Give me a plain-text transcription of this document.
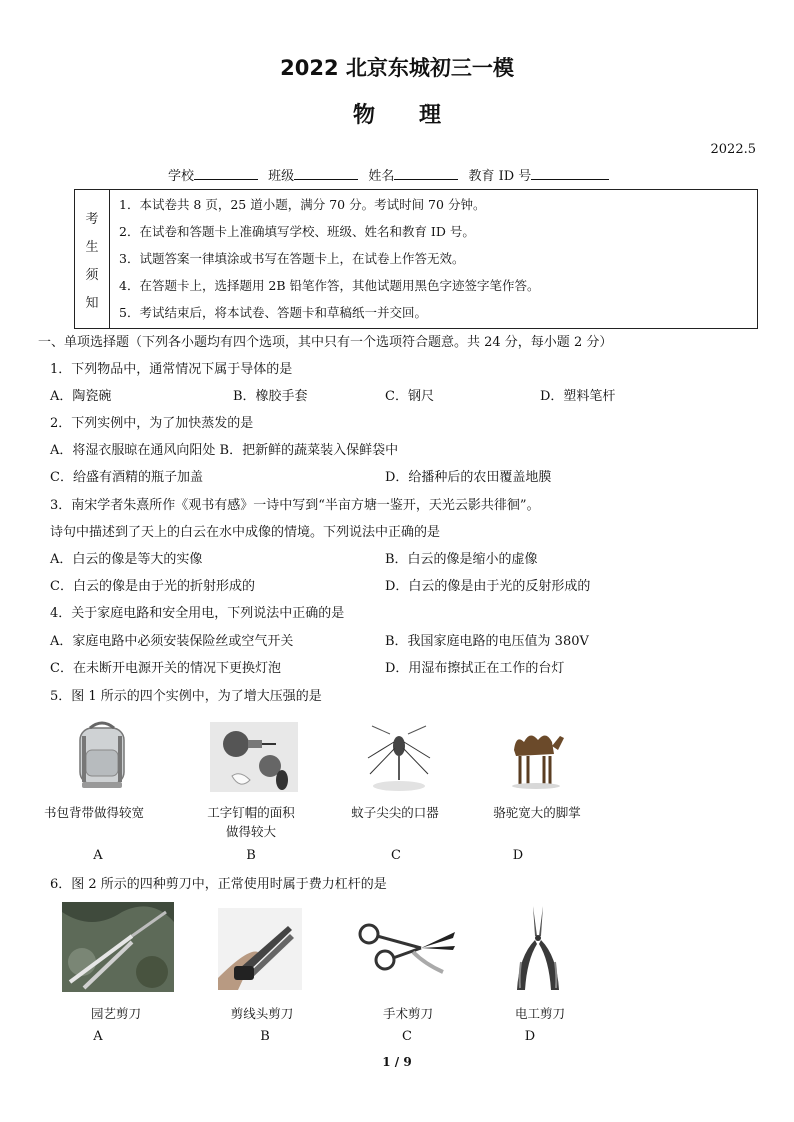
2022 北京东城初三一模
物理
2022.5
学校	班级	姓名	教育 ID 号
考
生
须
知
1．本试卷共 8 页，25 道小题，满分 70 分。考试时间 70 分钟。
2．在试卷和答题卡上准确填写学校、班级、姓名和教育 ID 号。
3．试题答案一律填涂或书写在答题卡上，在试卷上作答无效。
4．在答题卡上，选择题用 2B 铅笔作答，其他试题用黑色字迹签字笔作答。
5．考试结束后，将本试卷、答题卡和草稿纸一并交回。
一、单项选择题（下列各小题均有四个选项，其中只有一个选项符合题意。共 24 分，每小题 2 分）
1．下列物品中，通常情况下属于导体的是
A．陶瓷碗	B．橡胶手套	C．钢尺	D．塑料笔杆
2．下列实例中，为了加快蒸发的是
A．将湿衣服晾在通风向阳处 B．把新鲜的蔬菜装入保鲜袋中
C．给盛有酒精的瓶子加盖	D．给播种后的农田覆盖地膜
3．南宋学者朱熹所作《观书有感》一诗中写到“半亩方塘一鉴开，天光云影共徘徊”。
诗句中描述到了天上的白云在水中成像的情境。下列说法中正确的是
A．白云的像是等大的实像	B．白云的像是缩小的虚像
C．白云的像是由于光的折射形成的	D．白云的像是由于光的反射形成的
4．关于家庭电路和安全用电，下列说法中正确的是
A．家庭电路中必须安装保险丝或空气开关	B．我国家庭电路的电压值为 380V
C．在未断开电源开关的情况下更换灯泡	D．用湿布擦拭正在工作的台灯
5．图 1 所示的四个实例中，为了增大压强的是
书包背带做得较宽	工字钉帽的面积
做得较大
蚊子尖尖的口器	骆驼宽大的脚掌
A	B	C	D
6．图 2 所示的四种剪刀中，正常使用时属于费力杠杆的是
园艺剪刀	剪线头剪刀	手术剪刀	电工剪刀
A	B	C	D
1 / 9
